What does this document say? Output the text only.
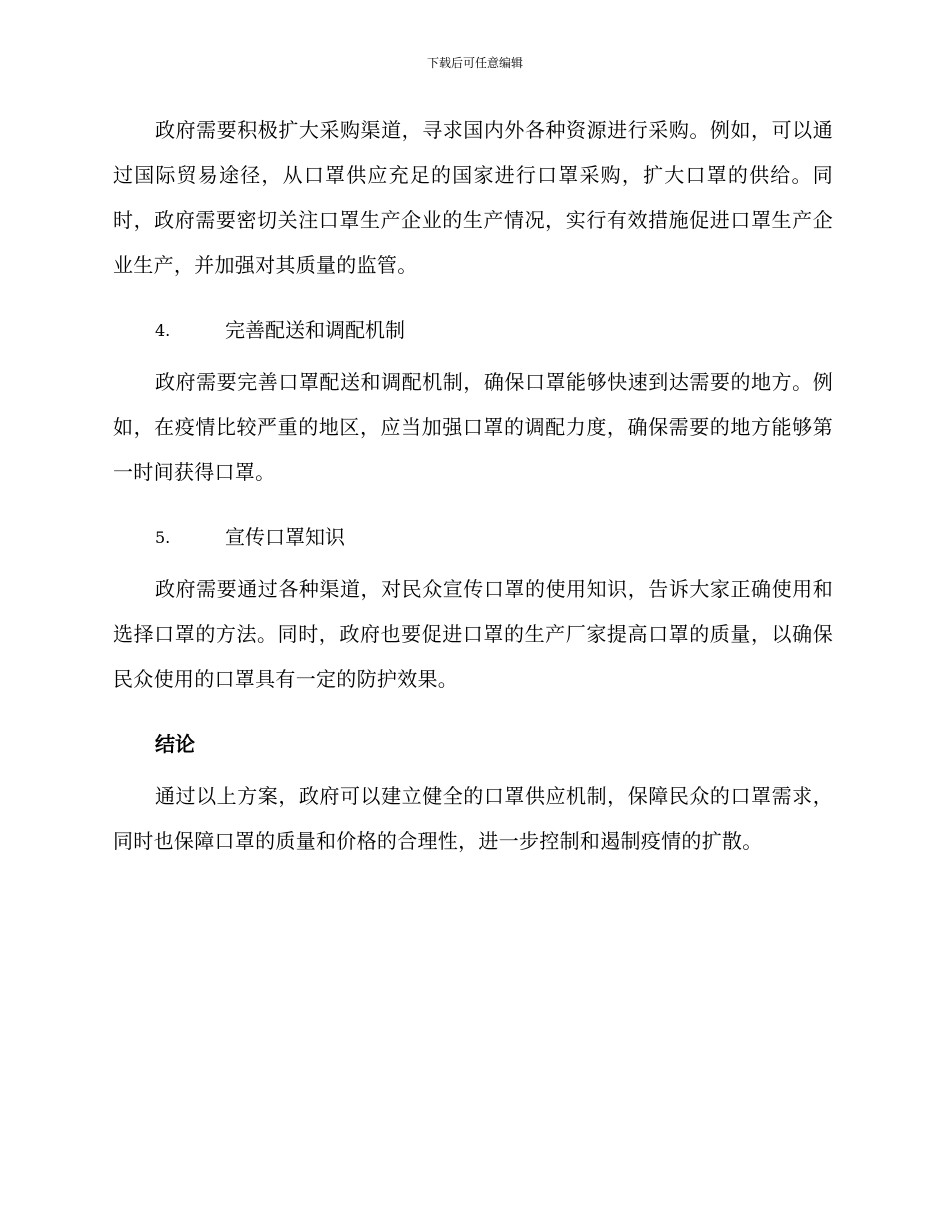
下载后可任意编辑

政府需要积极扩大采购渠道，寻求国内外各种资源进行采购。例如，可以通过国际贸易途径，从口罩供应充足的国家进行口罩采购，扩大口罩的供给。同时，政府需要密切关注口罩生产企业的生产情况，实行有效措施促进口罩生产企业生产，并加强对其质量的监管。

4.	完善配送和调配机制

政府需要完善口罩配送和调配机制，确保口罩能够快速到达需要的地方。例如，在疫情比较严重的地区，应当加强口罩的调配力度，确保需要的地方能够第一时间获得口罩。

5.	宣传口罩知识

政府需要通过各种渠道，对民众宣传口罩的使用知识，告诉大家正确使用和选择口罩的方法。同时，政府也要促进口罩的生产厂家提高口罩的质量，以确保民众使用的口罩具有一定的防护效果。

结论

通过以上方案，政府可以建立健全的口罩供应机制，保障民众的口罩需求，同时也保障口罩的质量和价格的合理性，进一步控制和遏制疫情的扩散。
